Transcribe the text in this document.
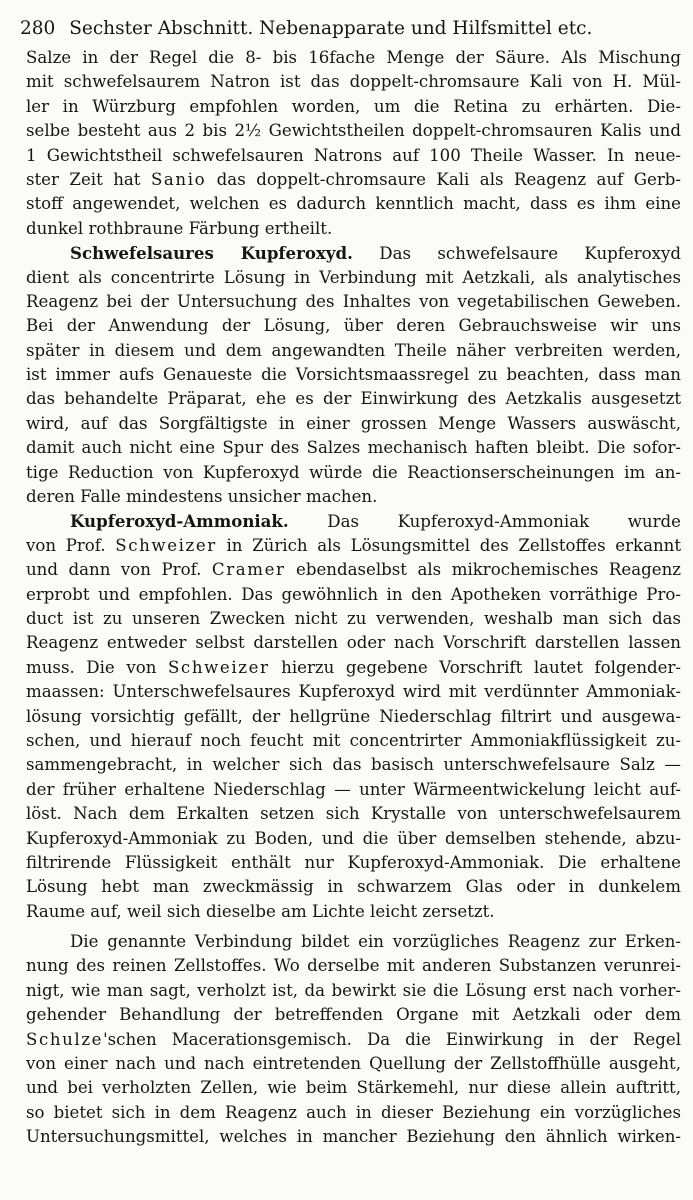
280 Sechster Abschnitt. Nebenapparate und Hilfsmittel etc.
Salze in der Regel die 8- bis 16fache Menge der Säure. Als Mischung
mit schwefelsaurem Natron ist das doppelt-chromsaure Kali von H. Mül-
ler in Würzburg empfohlen worden, um die Retina zu erhärten. Die-
selbe besteht aus 2 bis 2½ Gewichtstheilen doppelt-chromsauren Kalis und
1 Gewichtstheil schwefelsauren Natrons auf 100 Theile Wasser. In neue-
ster Zeit hat Sanio das doppelt-chromsaure Kali als Reagenz auf Gerb-
stoff angewendet, welchen es dadurch kenntlich macht, dass es ihm eine
dunkel rothbraune Färbung ertheilt.
Schwefelsaures Kupferoxyd. Das schwefelsaure Kupferoxyd
dient als concentrirte Lösung in Verbindung mit Aetzkali, als analytisches
Reagenz bei der Untersuchung des Inhaltes von vegetabilischen Geweben.
Bei der Anwendung der Lösung, über deren Gebrauchsweise wir uns
später in diesem und dem angewandten Theile näher verbreiten werden,
ist immer aufs Genaueste die Vorsichtsmaassregel zu beachten, dass man
das behandelte Präparat, ehe es der Einwirkung des Aetzkalis ausgesetzt
wird, auf das Sorgfältigste in einer grossen Menge Wassers auswäscht,
damit auch nicht eine Spur des Salzes mechanisch haften bleibt. Die sofor-
tige Reduction von Kupferoxyd würde die Reactionserscheinungen im an-
deren Falle mindestens unsicher machen.
Kupferoxyd-Ammoniak. Das Kupferoxyd-Ammoniak wurde
von Prof. Schweizer in Zürich als Lösungsmittel des Zellstoffes erkannt
und dann von Prof. Cramer ebendaselbst als mikrochemisches Reagenz
erprobt und empfohlen. Das gewöhnlich in den Apotheken vorräthige Pro-
duct ist zu unseren Zwecken nicht zu verwenden, weshalb man sich das
Reagenz entweder selbst darstellen oder nach Vorschrift darstellen lassen
muss. Die von Schweizer hierzu gegebene Vorschrift lautet folgender-
maassen: Unterschwefelsaures Kupferoxyd wird mit verdünnter Ammoniak-
lösung vorsichtig gefällt, der hellgrüne Niederschlag filtrirt und ausgewa-
schen, und hierauf noch feucht mit concentrirter Ammoniakflüssigkeit zu-
sammengebracht, in welcher sich das basisch unterschwefelsaure Salz —
der früher erhaltene Niederschlag — unter Wärmeentwickelung leicht auf-
löst. Nach dem Erkalten setzen sich Krystalle von unterschwefelsaurem
Kupferoxyd-Ammoniak zu Boden, und die über demselben stehende, abzu-
filtrirende Flüssigkeit enthält nur Kupferoxyd-Ammoniak. Die erhaltene
Lösung hebt man zweckmässig in schwarzem Glas oder in dunkelem
Raume auf, weil sich dieselbe am Lichte leicht zersetzt.
Die genannte Verbindung bildet ein vorzügliches Reagenz zur Erken-
nung des reinen Zellstoffes. Wo derselbe mit anderen Substanzen verunrei-
nigt, wie man sagt, verholzt ist, da bewirkt sie die Lösung erst nach vorher-
gehender Behandlung der betreffenden Organe mit Aetzkali oder dem
Schulze'schen Macerationsgemisch. Da die Einwirkung in der Regel
von einer nach und nach eintretenden Quellung der Zellstoffhülle ausgeht,
und bei verholzten Zellen, wie beim Stärkemehl, nur diese allein auftritt,
so bietet sich in dem Reagenz auch in dieser Beziehung ein vorzügliches
Untersuchungsmittel, welches in mancher Beziehung den ähnlich wirken-
